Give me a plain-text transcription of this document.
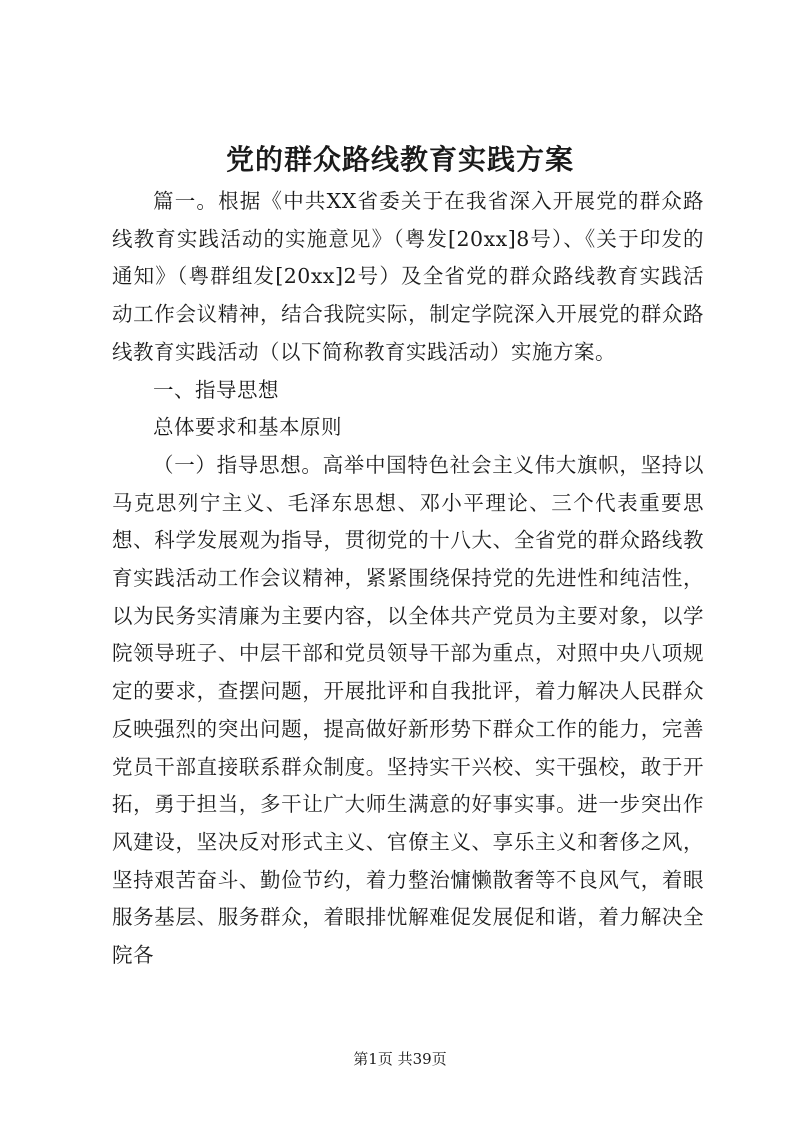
党的群众路线教育实践方案

篇一。根据《中共XX省委关于在我省深入开展党的群众路线教育实践活动的实施意见》（粤发[20xx]8号）、《关于印发的通知》（粤群组发[20xx]2号）及全省党的群众路线教育实践活动工作会议精神，结合我院实际，制定学院深入开展党的群众路线教育实践活动（以下简称教育实践活动）实施方案。

一、指导思想

总体要求和基本原则

（一）指导思想。高举中国特色社会主义伟大旗帜，坚持以马克思列宁主义、毛泽东思想、邓小平理论、三个代表重要思想、科学发展观为指导，贯彻党的十八大、全省党的群众路线教育实践活动工作会议精神，紧紧围绕保持党的先进性和纯洁性，以为民务实清廉为主要内容，以全体共产党员为主要对象，以学院领导班子、中层干部和党员领导干部为重点，对照中央八项规定的要求，查摆问题，开展批评和自我批评，着力解决人民群众反映强烈的突出问题，提高做好新形势下群众工作的能力，完善党员干部直接联系群众制度。坚持实干兴校、实干强校，敢于开拓，勇于担当，多干让广大师生满意的好事实事。进一步突出作风建设，坚决反对形式主义、官僚主义、享乐主义和奢侈之风，坚持艰苦奋斗、勤俭节约，着力整治慵懒散奢等不良风气，着眼服务基层、服务群众，着眼排忧解难促发展促和谐，着力解决全院各

第1页 共39页
